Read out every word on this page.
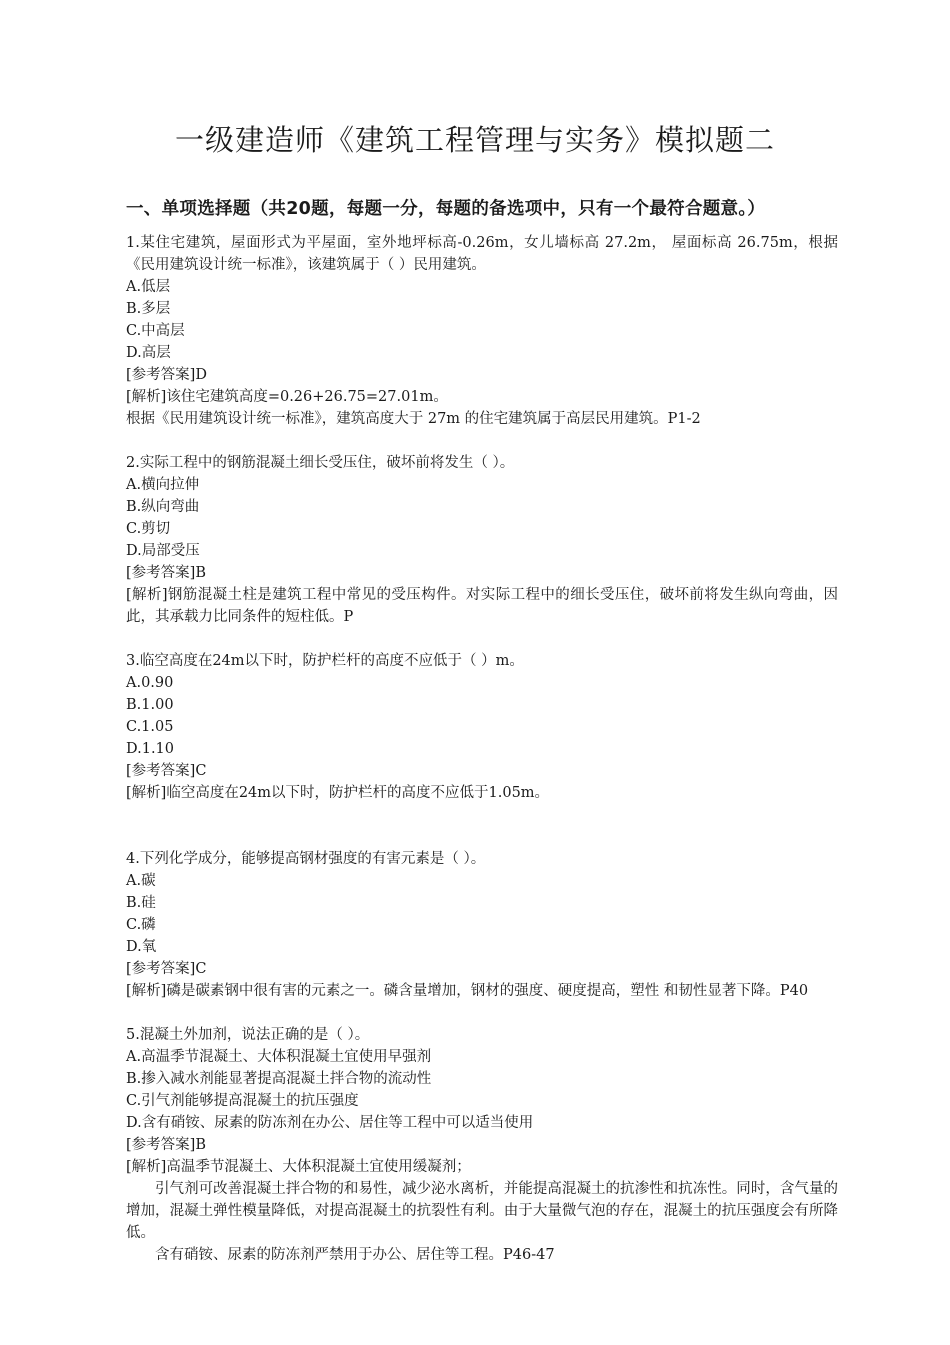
一级建造师《建筑工程管理与实务》模拟题二
一、单项选择题（共20题，每题一分，每题的备选项中，只有一个最符合题意。）
1.某住宅建筑，屋面形式为平屋面，室外地坪标高-0.26m，女儿墙标高 27.2m， 屋面标高 26.75m，根据《民用建筑设计统一标准》，该建筑属于（ ）民用建筑。
A.低层
B.多层
C.中高层
D.高层
[参考答案]D
[解析]该住宅建筑高度=0.26+26.75=27.01m。
根据《民用建筑设计统一标准》，建筑高度大于 27m 的住宅建筑属于高层民用建筑。P1-2
2.实际工程中的钢筋混凝土细长受压住，破坏前将发生（ ）。
A.横向拉伸
B.纵向弯曲
C.剪切
D.局部受压
[参考答案]B
[解析]钢筋混凝土柱是建筑工程中常见的受压构件。对实际工程中的细长受压住，破坏前将发生纵向弯曲，因此，其承载力比同条件的短柱低。P
3.临空高度在24m以下时，防护栏杆的高度不应低于（ ）m。
A.0.90
B.1.00
C.1.05
D.1.10
[参考答案]C
[解析]临空高度在24m以下时，防护栏杆的高度不应低于1.05m。
4.下列化学成分，能够提高钢材强度的有害元素是（ ）。
A.碳
B.硅
C.磷
D.氧
[参考答案]C
[解析]磷是碳素钢中很有害的元素之一。磷含量增加，钢材的强度、硬度提高，塑性 和韧性显著下降。P40
5.混凝土外加剂，说法正确的是（ ）。
A.高温季节混凝土、大体积混凝土宜使用早强剂
B.掺入减水剂能显著提高混凝土拌合物的流动性
C.引气剂能够提高混凝土的抗压强度
D.含有硝铵、尿素的防冻剂在办公、居住等工程中可以适当使用
[参考答案]B
[解析]高温季节混凝土、大体积混凝土宜使用缓凝剂；
引气剂可改善混凝土拌合物的和易性，减少泌水离析，并能提高混凝土的抗渗性和抗冻性。同时，含气量的增加，混凝土弹性模量降低，对提高混凝土的抗裂性有利。由于大量微气泡的存在，混凝土的抗压强度会有所降低。
含有硝铵、尿素的防冻剂严禁用于办公、居住等工程。P46-47
